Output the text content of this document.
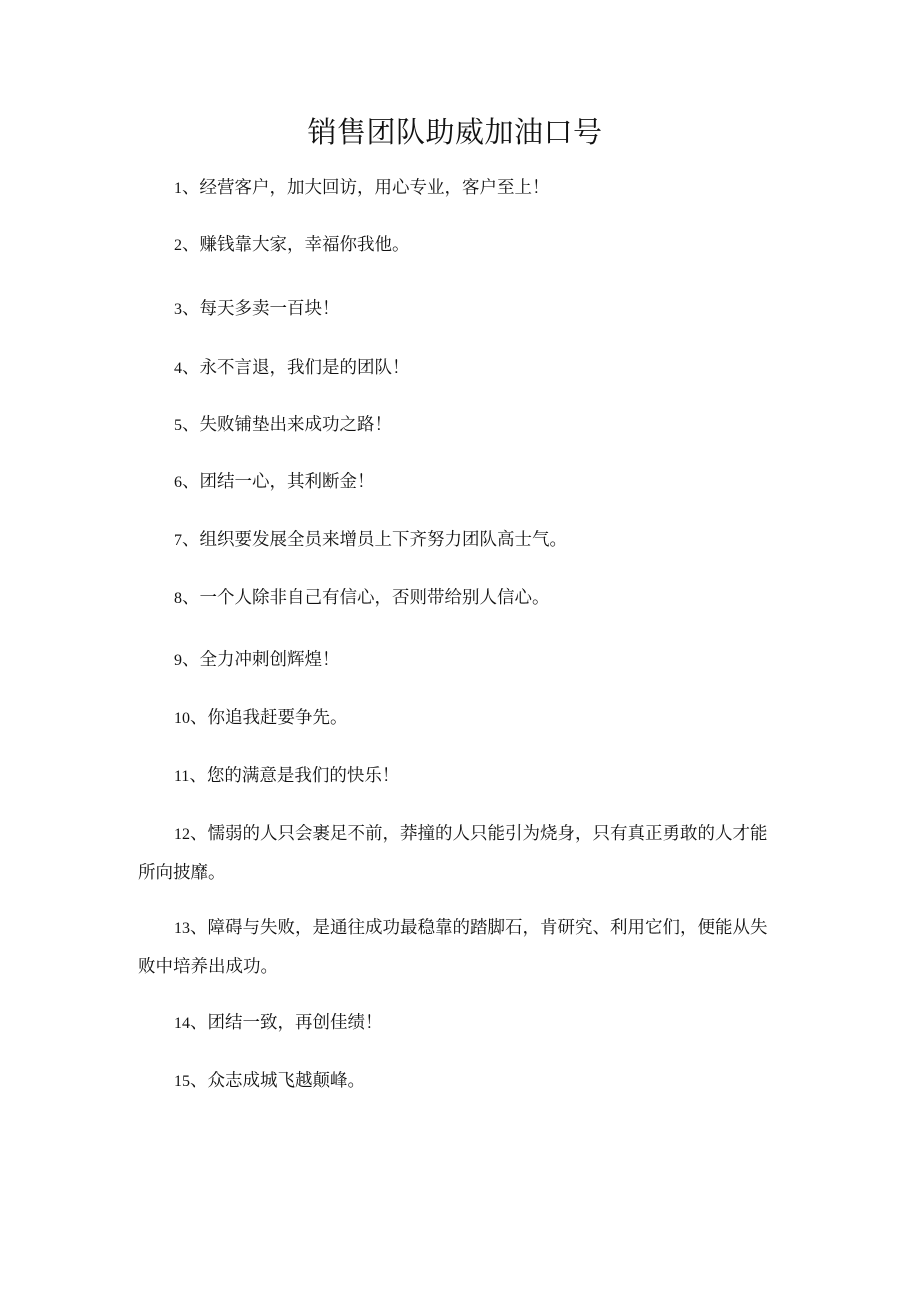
销售团队助威加油口号

1、经营客户，加大回访，用心专业，客户至上！

2、赚钱靠大家，幸福你我他。

3、每天多卖一百块！

4、永不言退，我们是的团队！

5、失败铺垫出来成功之路！

6、团结一心，其利断金！

7、组织要发展全员来增员上下齐努力团队高士气。

8、一个人除非自己有信心，否则带给别人信心。

9、全力冲刺创辉煌！

10、你追我赶要争先。

11、您的满意是我们的快乐！

12、懦弱的人只会裹足不前，莽撞的人只能引为烧身，只有真正勇敢的人才能所向披靡。

13、障碍与失败，是通往成功最稳靠的踏脚石，肯研究、利用它们，便能从失败中培养出成功。

14、团结一致，再创佳绩！

15、众志成城飞越颠峰。
